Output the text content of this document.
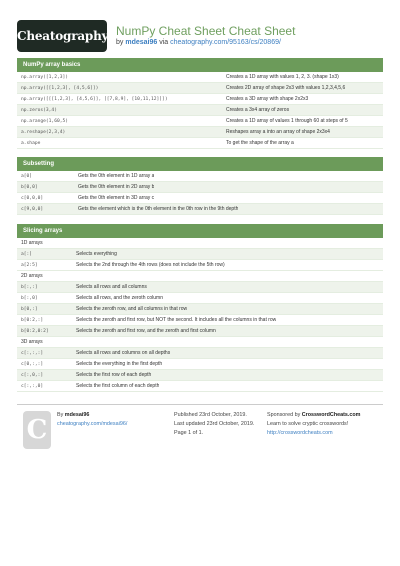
Cheatography NumPy Cheat Sheet Cheat Sheet
by mdesai96 via cheatography.com/95163/cs/20869/
NumPy array basics
np.array([1,2,3])	Creates a 1D array with values 1, 2, 3. (shape 1x3)
np.array([[1,2,3], [4,5,6]])	Creates 2D array of shape 2x3 with values 1,2,3,4,5,6
np.array([[[1,2,3], [4,5,6]], [[7,8,9], [10,11,12]]])	Creates a 3D array with shape 2x2x3
np.zeros(3,4)	Creates a 3x4 array of zeros
np.arange(1,60,5)	Creates a 1D array of values 1 through 60 at steps of 5
a.reshape(2,3,4)	Reshapes array a into an array of shape 2x3x4
a.shape	To get the shape of the array a
Subsetting
a[0]	Gets the 0th element in 1D array a
b[0,0]	Gets the 0th element in 2D array b
c[0,0,0]	Gets the 0th element in 3D array c
c[9,0,0]	Gets the element which is the 0th element in the 0th row in the 9th depth
Slicing arrays
1D arrays
a[:]	Selects everything
a[2:5]	Selects the 2nd through the 4th rows (does not include the 5th row)
2D arrays
b[:,:]	Selects all rows and all columns
b[:,0]	Selects all rows, and the zeroth column
b[0,:]	Selects the zeroth row, and all columns in that row
b[0:2,:]	Selects the zeroth and first row, but NOT the second. It includes all the columns in that row
b[0:2,0:2]	Selects the zeroth and first row, and the zeroth and first column
3D arrays
c[:,:,:]	Selects all rows and columns on all depths
c[0,:,:]	Selects the everything in the first depth
c[:,0,:]	Selects the first row of each depth
c[:,:,0]	Selects the first column of each depth
C	By mdesai96
cheatography.com/mdesai96/
Published 23rd October, 2019.
Last updated 23rd October, 2019.
Page 1 of 1.
Sponsored by CrosswordCheats.com
Learn to solve cryptic crosswords!
http://crosswordcheats.com
